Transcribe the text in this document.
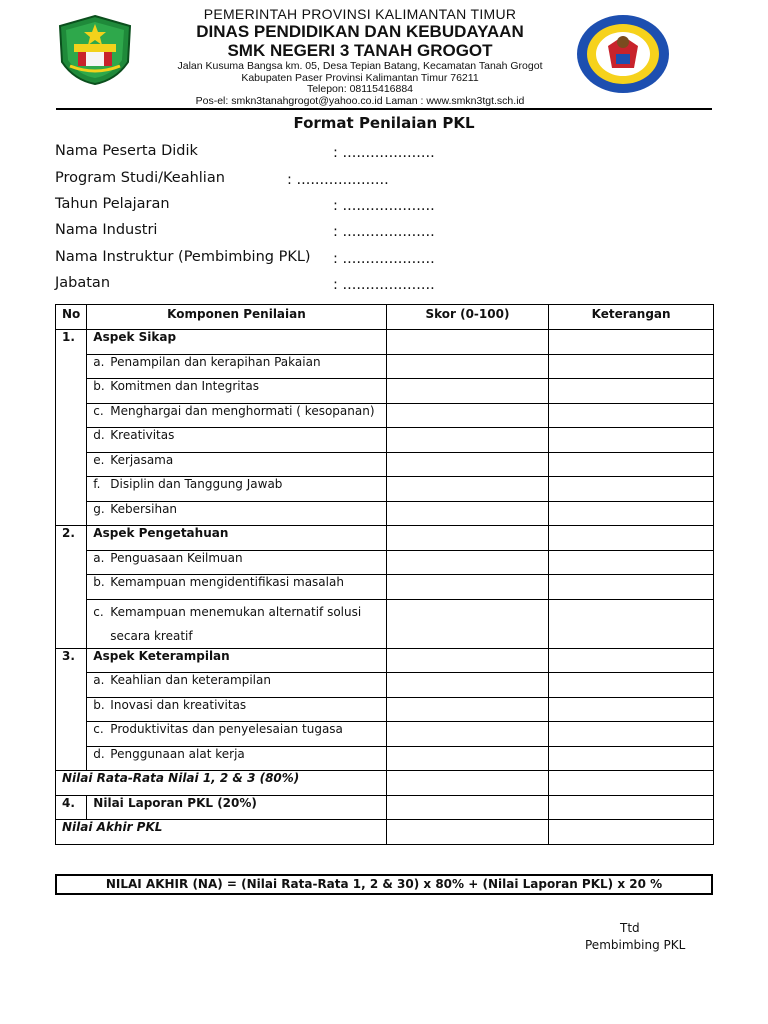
PEMERINTAH PROVINSI KALIMANTAN TIMUR
DINAS PENDIDIKAN DAN KEBUDAYAAN
SMK NEGERI 3 TANAH GROGOT
Jalan Kusuma Bangsa km. 05, Desa Tepian Batang, Kecamatan Tanah Grogot
Kabupaten Paser Provinsi Kalimantan Timur 76211
Telepon: 08115416884
Pos-el: smkn3tanahgrogot@yahoo.co.id Laman : www.smkn3tgt.sch.id
Format Penilaian PKL
Nama Peserta Didik	: ....................
Program Studi/Keahlian	: ....................
Tahun Pelajaran	: ....................
Nama Industri	: ....................
Nama Instruktur (Pembimbing PKL) : ....................
Jabatan	: ....................
No	Komponen Penilaian	Skor (0-100)	Keterangan
1.	Aspek Sikap		
	a. Penampilan dan kerapihan Pakaian		
	b. Komitmen dan Integritas		
	c. Menghargai dan menghormati ( kesopanan)		
	d. Kreativitas		
	e. Kerjasama		
	f. Disiplin dan Tanggung Jawab		
	g. Kebersihan		
2.	Aspek Pengetahuan		
	a. Penguasaan Keilmuan		
	b. Kemampuan mengidentifikasi masalah		
	c. Kemampuan menemukan alternatif solusi
secara kreatif		
3.	Aspek Keterampilan		
	a. Keahlian dan keterampilan		
	b. Inovasi dan kreativitas		
	c. Produktivitas dan penyelesaian tugasa		
	d. Penggunaan alat kerja		
Nilai Rata-Rata Nilai 1, 2 & 3 (80%)			
4.	Nilai Laporan PKL (20%)		
Nilai Akhir PKL			
NILAI AKHIR (NA) = (Nilai Rata-Rata 1, 2 & 30) x 80% + (Nilai Laporan PKL) x 20 %
Ttd
Pembimbing PKL
